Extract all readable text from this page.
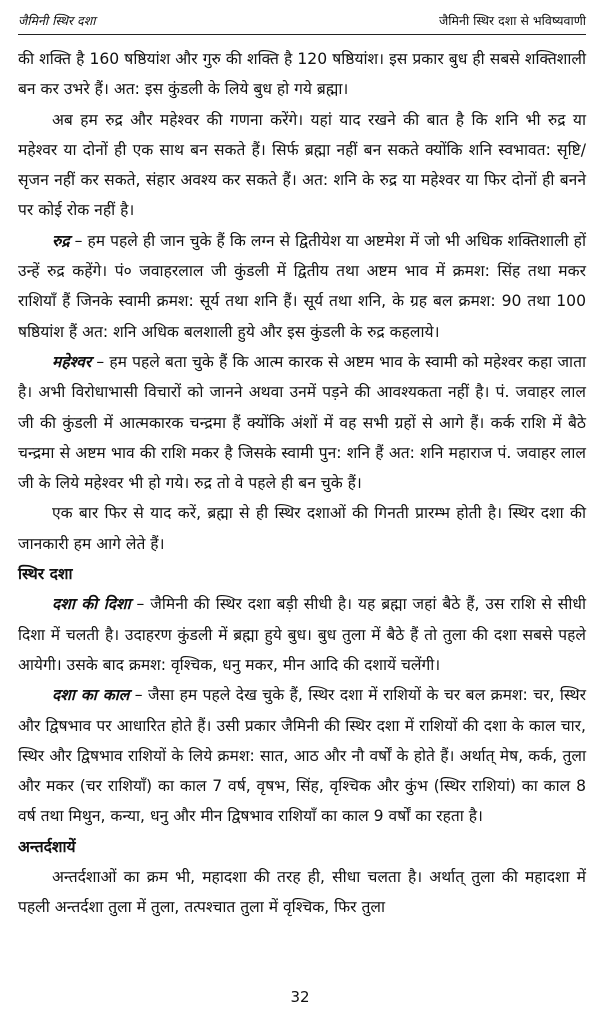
जैमिनी स्थिर दशा	जैमिनी स्थिर दशा से भविष्यवाणी

की शक्ति है 160 षष्ठियांश और गुरु की शक्ति है 120 षष्ठियांश। इस प्रकार बुध ही सबसे शक्तिशाली बन कर उभरे हैं। अत: इस कुंडली के लिये बुध हो गये ब्रह्मा।

अब हम रुद्र और महेश्वर की गणना करेंगे। यहां याद रखने की बात है कि शनि भी रुद्र या महेश्वर या दोनों ही एक साथ बन सकते हैं। सिर्फ ब्रह्मा नहीं बन सकते क्योंकि शनि स्वभावत: सृष्टि/सृजन नहीं कर सकते, संहार अवश्य कर सकते हैं। अत: शनि के रुद्र या महेश्वर या फिर दोनों ही बनने पर कोई रोक नहीं है।

रुद्र – हम पहले ही जान चुके हैं कि लग्न से द्वितीयेश या अष्टमेश में जो भी अधिक शक्तिशाली हों उन्हें रुद्र कहेंगे। पं० जवाहरलाल जी कुंडली में द्वितीय तथा अष्टम भाव में क्रमश: सिंह तथा मकर राशियाँ हैं जिनके स्वामी क्रमश: सूर्य तथा शनि हैं। सूर्य तथा शनि, के ग्रह बल क्रमश: 90 तथा 100 षष्ठियांश हैं अत: शनि अधिक बलशाली हुये और इस कुंडली के रुद्र कहलाये।

महेश्वर – हम पहले बता चुके हैं कि आत्म कारक से अष्टम भाव के स्वामी को महेश्वर कहा जाता है। अभी विरोधाभासी विचारों को जानने अथवा उनमें पड़ने की आवश्यकता नहीं है। पं. जवाहर लाल जी की कुंडली में आत्मकारक चन्द्रमा हैं क्योंकि अंशों में वह सभी ग्रहों से आगे हैं। कर्क राशि में बैठे चन्द्रमा से अष्टम भाव की राशि मकर है जिसके स्वामी पुन: शनि हैं अत: शनि महाराज पं. जवाहर लाल जी के लिये महेश्वर भी हो गये। रुद्र तो वे पहले ही बन चुके हैं।

एक बार फिर से याद करें, ब्रह्मा से ही स्थिर दशाओं की गिनती प्रारम्भ होती है। स्थिर दशा की जानकारी हम आगे लेते हैं।

स्थिर दशा

दशा की दिशा – जैमिनी की स्थिर दशा बड़ी सीधी है। यह ब्रह्मा जहां बैठे हैं, उस राशि से सीधी दिशा में चलती है। उदाहरण कुंडली में ब्रह्मा हुये बुध। बुध तुला में बैठे हैं तो तुला की दशा सबसे पहले आयेगी। उसके बाद क्रमश: वृश्चिक, धनु मकर, मीन आदि की दशायें चलेंगी।

दशा का काल – जैसा हम पहले देख चुके हैं, स्थिर दशा में राशियों के चर बल क्रमश: चर, स्थिर और द्विषभाव पर आधारित होते हैं। उसी प्रकार जैमिनी की स्थिर दशा में राशियों की दशा के काल चार, स्थिर और द्विषभाव राशियों के लिये क्रमश: सात, आठ और नौ वर्षों के होते हैं। अर्थात् मेष, कर्क, तुला और मकर (चर राशियाँ) का काल 7 वर्ष, वृषभ, सिंह, वृश्चिक और कुंभ (स्थिर राशियां) का काल 8 वर्ष तथा मिथुन, कन्या, धनु और मीन द्विषभाव राशियाँ का काल 9 वर्षों का रहता है।

अन्तर्दशायें

अन्तर्दशाओं का क्रम भी, महादशा की तरह ही, सीधा चलता है। अर्थात् तुला की महादशा में पहली अन्तर्दशा तुला में तुला, तत्पश्चात तुला में वृश्चिक, फिर तुला

32
